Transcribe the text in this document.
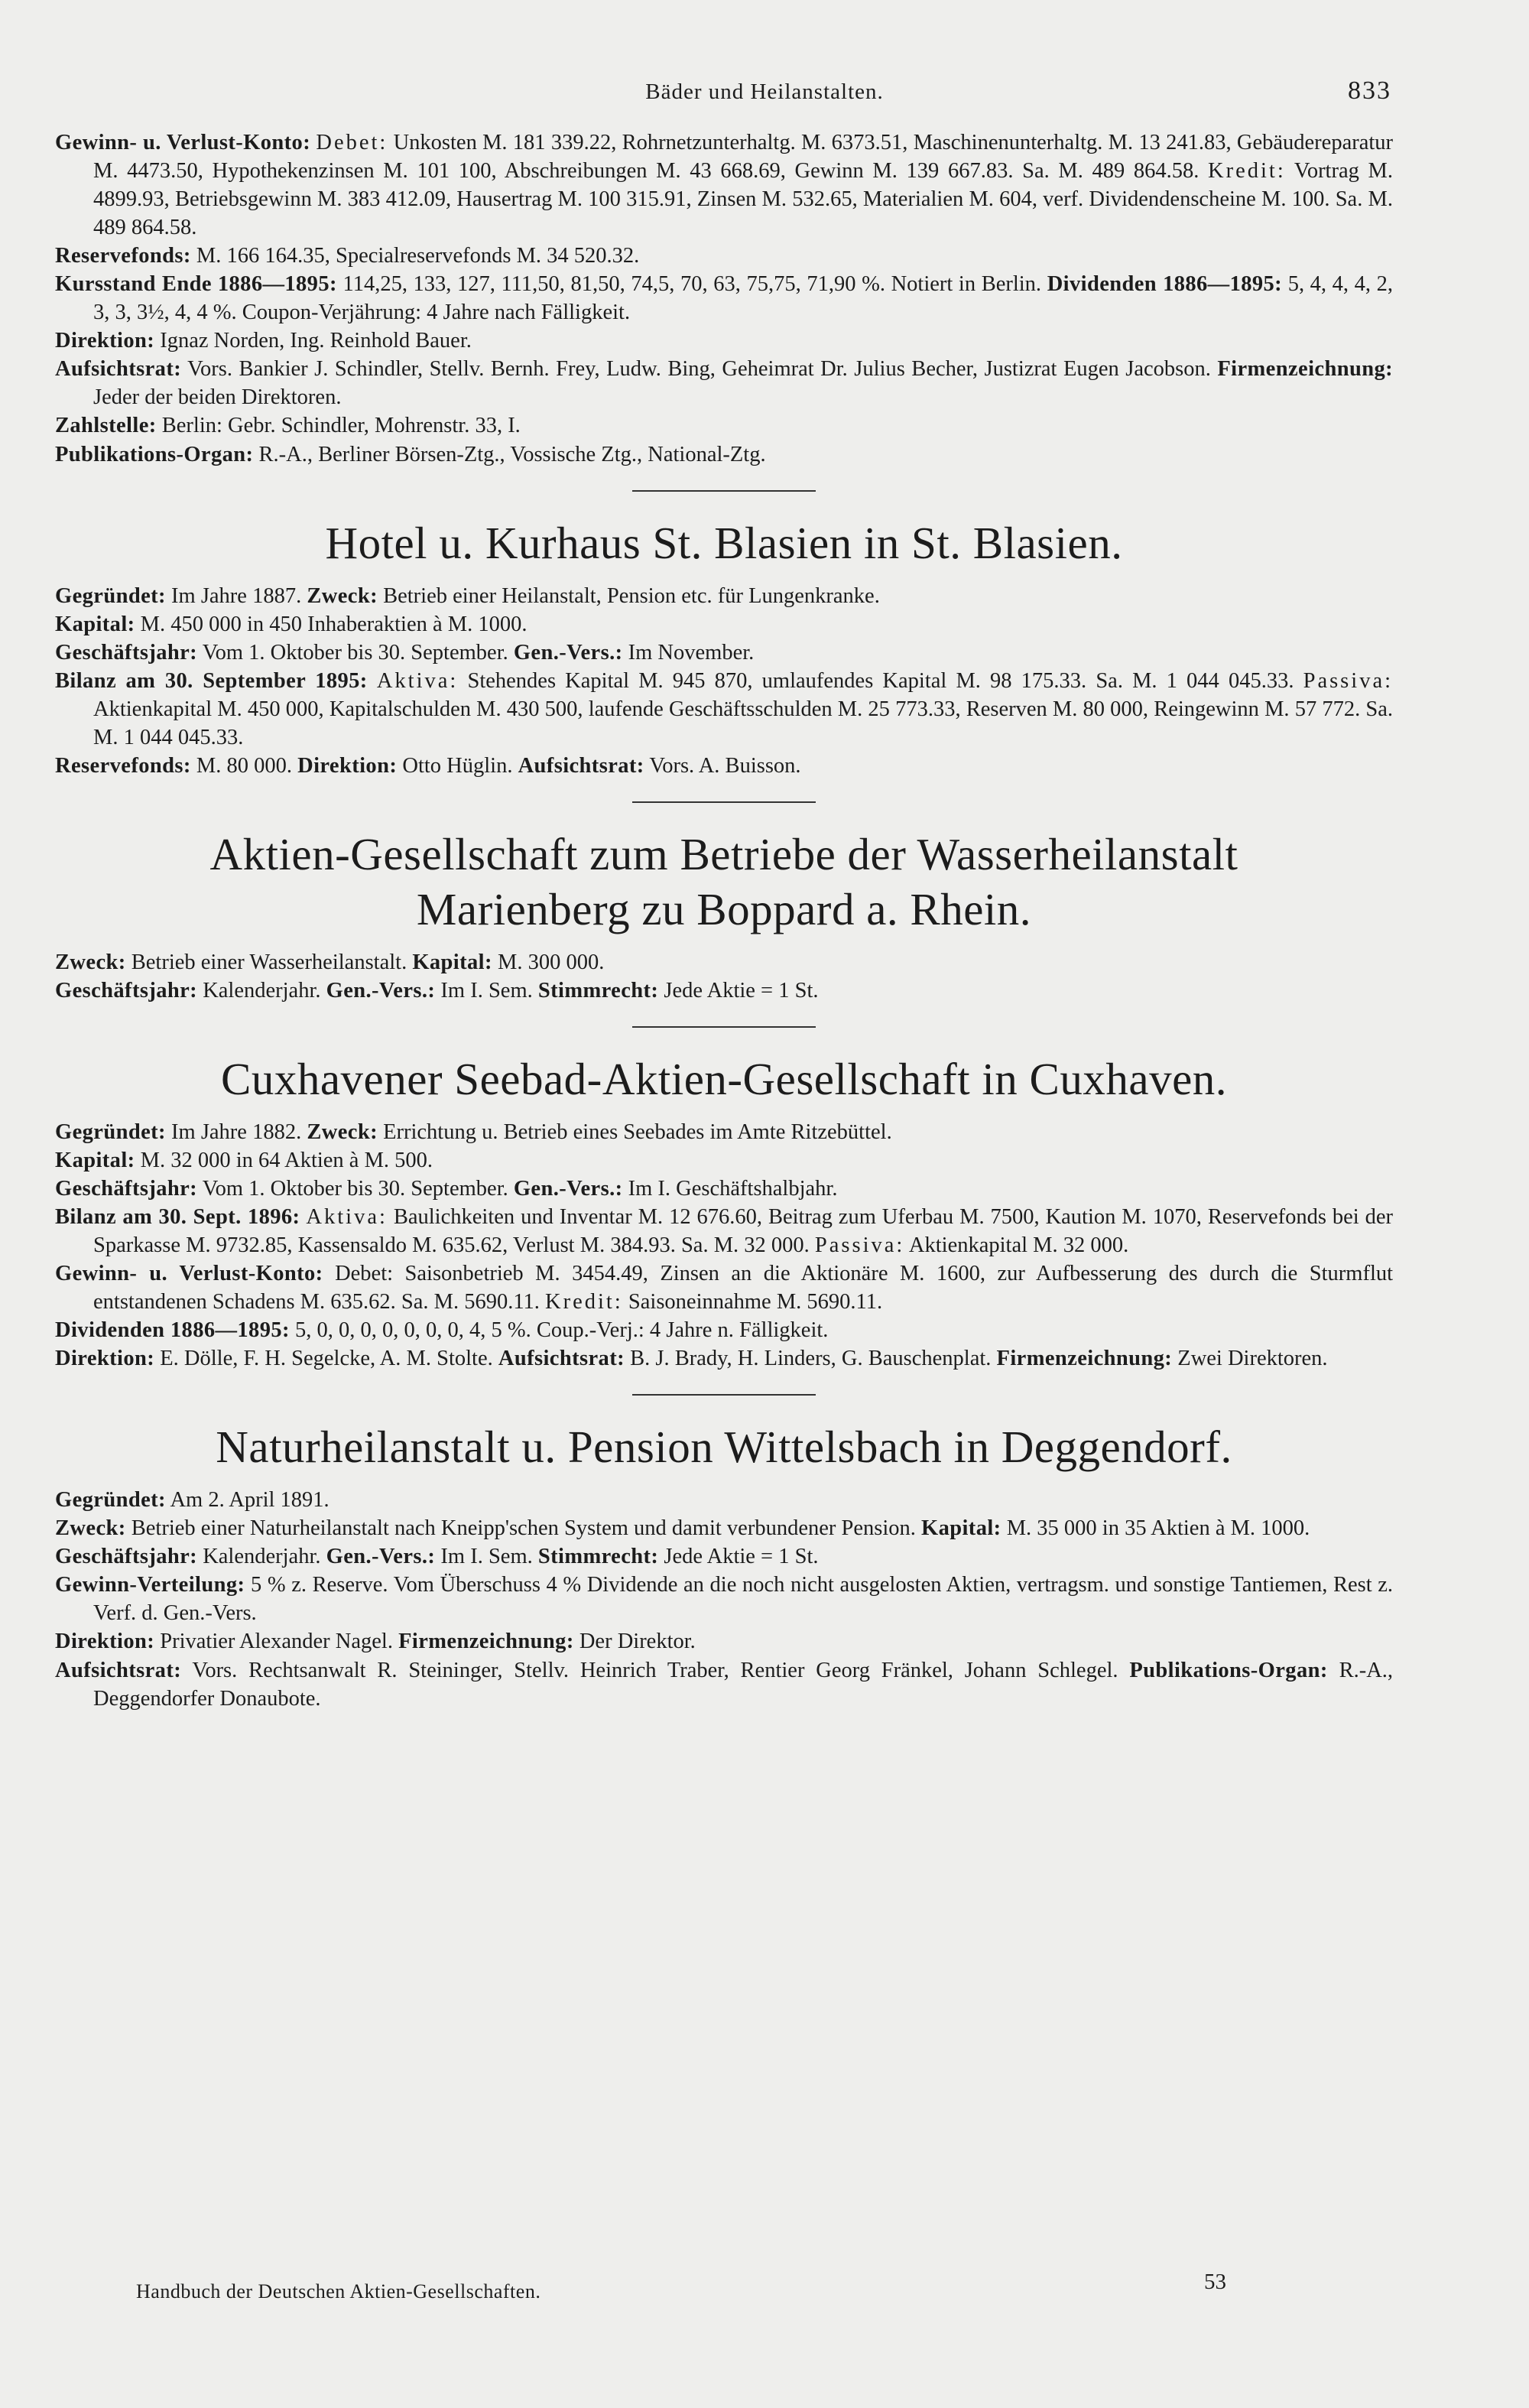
Bäder und Heilanstalten.	833

Gewinn- u. Verlust-Konto: Debet: Unkosten M. 181 339.22, Rohrnetzunterhaltg. M. 6373.51, Maschinenunterhaltg. M. 13 241.83, Gebäudereparatur M. 4473.50, Hypothekenzinsen M. 101 100, Abschreibungen M. 43 668.69, Gewinn M. 139 667.83. Sa. M. 489 864.58. Kredit: Vortrag M. 4899.93, Betriebsgewinn M. 383 412.09, Hausertrag M. 100 315.91, Zinsen M. 532.65, Materialien M. 604, verf. Dividendenscheine M. 100. Sa. M. 489 864.58.

Reservefonds: M. 166 164.35, Specialreservefonds M. 34 520.32.

Kursstand Ende 1886—1895: 114,25, 133, 127, 111,50, 81,50, 74,5, 70, 63, 75,75, 71,90 %. Notiert in Berlin. Dividenden 1886—1895: 5, 4, 4, 4, 2, 3, 3, 3½, 4, 4 %. Coupon-Verjährung: 4 Jahre nach Fälligkeit.

Direktion: Ignaz Norden, Ing. Reinhold Bauer.

Aufsichtsrat: Vors. Bankier J. Schindler, Stellv. Bernh. Frey, Ludw. Bing, Geheimrat Dr. Julius Becher, Justizrat Eugen Jacobson. Firmenzeichnung: Jeder der beiden Direktoren.

Zahlstelle: Berlin: Gebr. Schindler, Mohrenstr. 33, I.

Publikations-Organ: R.-A., Berliner Börsen-Ztg., Vossische Ztg., National-Ztg.

Hotel u. Kurhaus St. Blasien in St. Blasien.

Gegründet: Im Jahre 1887. Zweck: Betrieb einer Heilanstalt, Pension etc. für Lungenkranke.

Kapital: M. 450 000 in 450 Inhaberaktien à M. 1000.

Geschäftsjahr: Vom 1. Oktober bis 30. September. Gen.-Vers.: Im November.

Bilanz am 30. September 1895: Aktiva: Stehendes Kapital M. 945 870, umlaufendes Kapital M. 98 175.33. Sa. M. 1 044 045.33. Passiva: Aktienkapital M. 450 000, Kapitalschulden M. 430 500, laufende Geschäftsschulden M. 25 773.33, Reserven M. 80 000, Reingewinn M. 57 772. Sa. M. 1 044 045.33.

Reservefonds: M. 80 000. Direktion: Otto Hüglin. Aufsichtsrat: Vors. A. Buisson.

Aktien-Gesellschaft zum Betriebe der Wasserheilanstalt
Marienberg zu Boppard a. Rhein.

Zweck: Betrieb einer Wasserheilanstalt. Kapital: M. 300 000.

Geschäftsjahr: Kalenderjahr. Gen.-Vers.: Im I. Sem. Stimmrecht: Jede Aktie = 1 St.

Cuxhavener Seebad-Aktien-Gesellschaft in Cuxhaven.

Gegründet: Im Jahre 1882. Zweck: Errichtung u. Betrieb eines Seebades im Amte Ritzebüttel.

Kapital: M. 32 000 in 64 Aktien à M. 500.

Geschäftsjahr: Vom 1. Oktober bis 30. September. Gen.-Vers.: Im I. Geschäftshalbjahr.

Bilanz am 30. Sept. 1896: Aktiva: Baulichkeiten und Inventar M. 12 676.60, Beitrag zum Uferbau M. 7500, Kaution M. 1070, Reservefonds bei der Sparkasse M. 9732.85, Kassensaldo M. 635.62, Verlust M. 384.93. Sa. M. 32 000. Passiva: Aktienkapital M. 32 000.

Gewinn- u. Verlust-Konto: Debet: Saisonbetrieb M. 3454.49, Zinsen an die Aktionäre M. 1600, zur Aufbesserung des durch die Sturmflut entstandenen Schadens M. 635.62. Sa. M. 5690.11. Kredit: Saisoneinnahme M. 5690.11.

Dividenden 1886—1895: 5, 0, 0, 0, 0, 0, 0, 0, 4, 5 %. Coup.-Verj.: 4 Jahre n. Fälligkeit.

Direktion: E. Dölle, F. H. Segelcke, A. M. Stolte. Aufsichtsrat: B. J. Brady, H. Linders, G. Bauschenplat. Firmenzeichnung: Zwei Direktoren.

Naturheilanstalt u. Pension Wittelsbach in Deggendorf.

Gegründet: Am 2. April 1891.

Zweck: Betrieb einer Naturheilanstalt nach Kneipp'schen System und damit verbundener Pension. Kapital: M. 35 000 in 35 Aktien à M. 1000.

Geschäftsjahr: Kalenderjahr. Gen.-Vers.: Im I. Sem. Stimmrecht: Jede Aktie = 1 St.

Gewinn-Verteilung: 5 % z. Reserve. Vom Überschuss 4 % Dividende an die noch nicht ausgelosten Aktien, vertragsm. und sonstige Tantiemen, Rest z. Verf. d. Gen.-Vers.

Direktion: Privatier Alexander Nagel. Firmenzeichnung: Der Direktor.

Aufsichtsrat: Vors. Rechtsanwalt R. Steininger, Stellv. Heinrich Traber, Rentier Georg Fränkel, Johann Schlegel. Publikations-Organ: R.-A., Deggendorfer Donaubote.

Handbuch der Deutschen Aktien-Gesellschaften.	53
